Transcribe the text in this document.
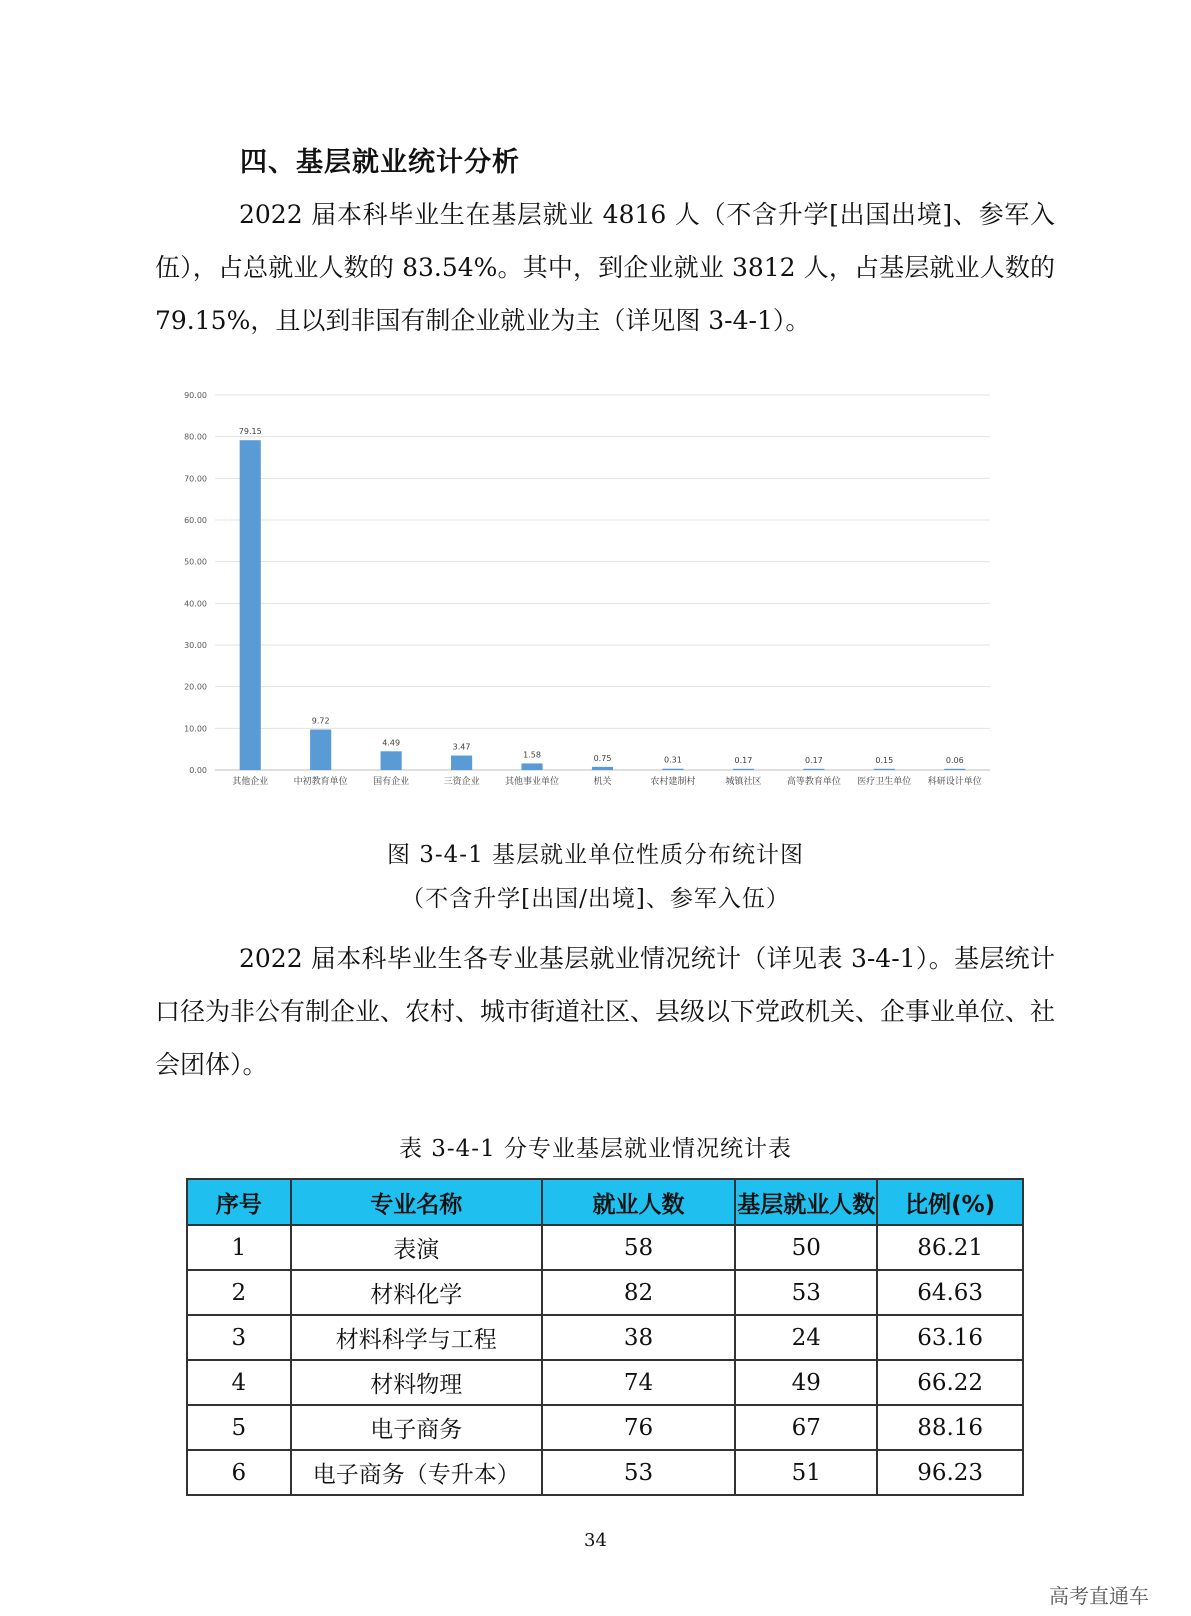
四、基层就业统计分析

2022 届本科毕业生在基层就业 4816 人（不含升学[出国出境]、参军入伍），占总就业人数的 83.54%。其中，到企业就业 3812 人，占基层就业人数的 79.15%，且以到非国有制企业就业为主（详见图 3-4-1）。

0.00
10.00
20.00
30.00
40.00
50.00
60.00
70.00
80.00
90.00
79.15
其他企业
9.72
中初教育单位
4.49
国有企业
3.47
三资企业
1.58
其他事业单位
0.75
机关
0.31
农村建制村
0.17
城镇社区
0.17
高等教育单位
0.15
医疗卫生单位
0.06
科研设计单位
图 3-4-1 基层就业单位性质分布统计图
（不含升学[出国/出境]、参军入伍）

2022 届本科毕业生各专业基层就业情况统计（详见表 3-4-1）。基层统计口径为非公有制企业、农村、城市街道社区、县级以下党政机关、企事业单位、社会团体）。

表 3-4-1 分专业基层就业情况统计表
序号	专业名称	就业人数	基层就业人数	比例(%)
1	表演	58	50	86.21
2	材料化学	82	53	64.63
3	材料科学与工程	38	24	63.16
4	材料物理	74	49	66.22
5	电子商务	76	67	88.16
6	电子商务（专升本）	53	51	96.23
34
高考直通车
